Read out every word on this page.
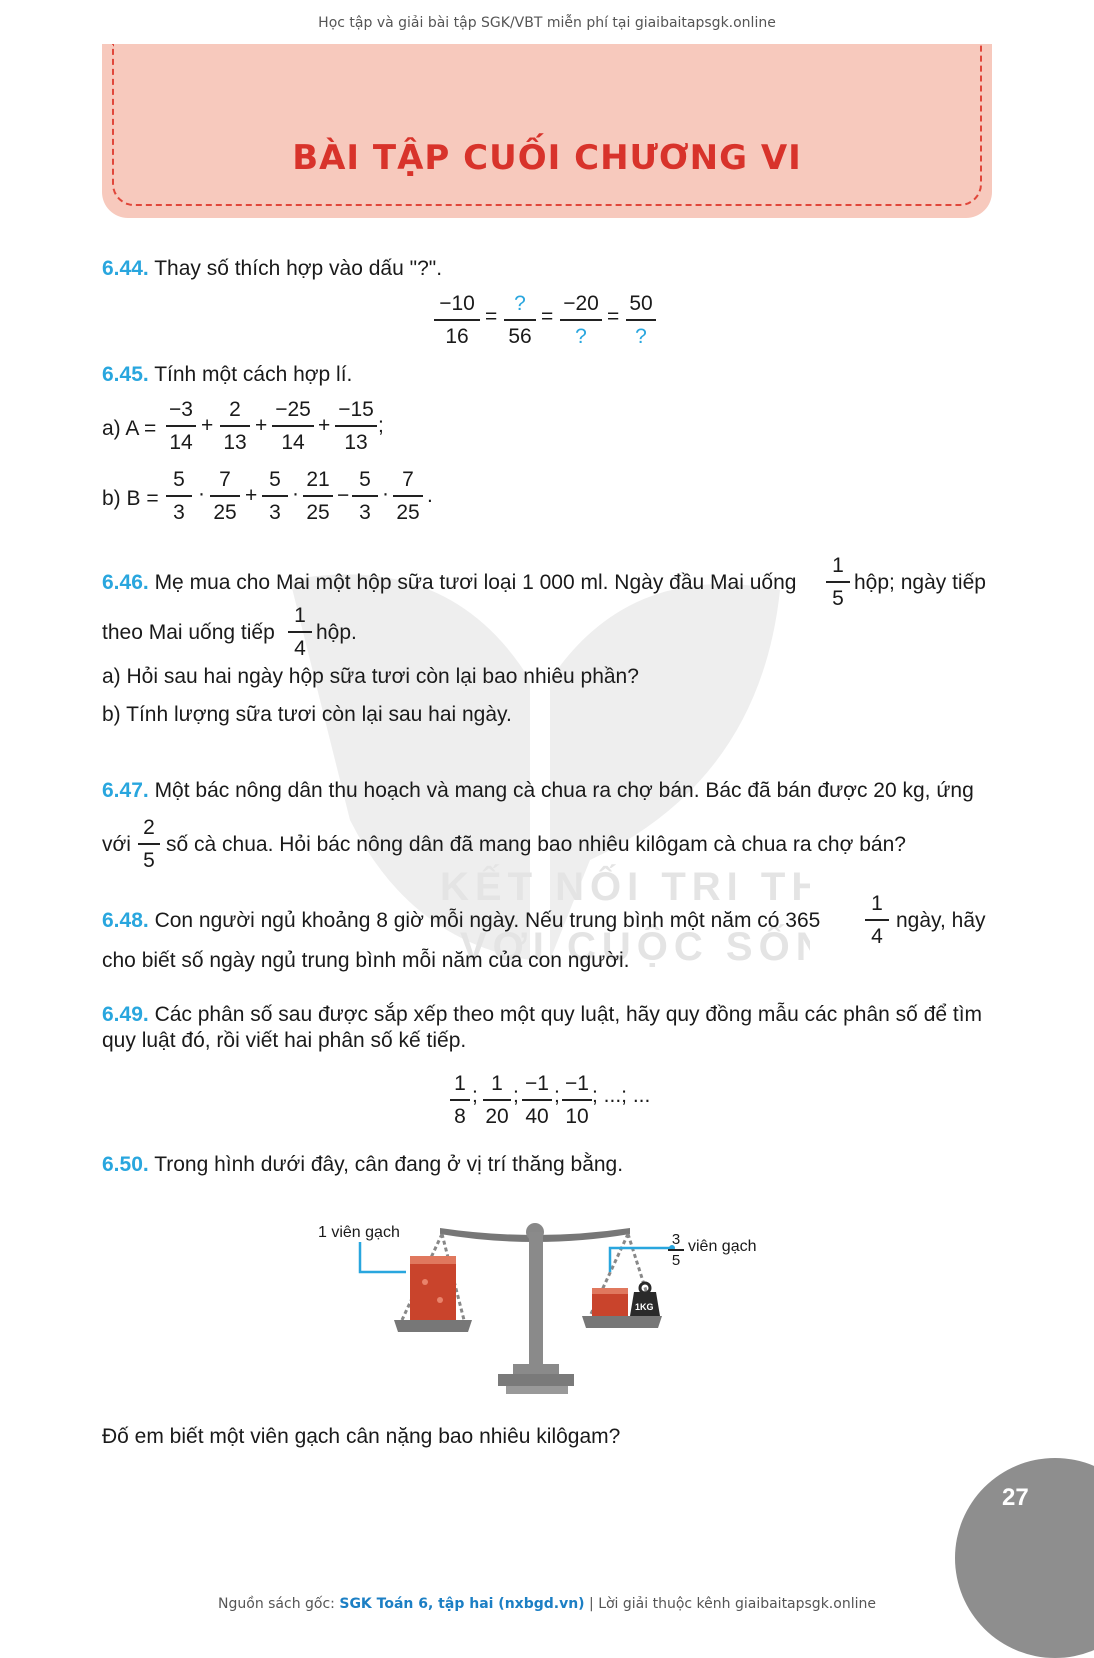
KẾT NỐI TRI T
VỚI CUỘC SỐ
Học tập và giải bài tập SGK/VBT miễn phí tại giaibaitapsgk.online
BÀI TẬP CUỐI CHƯƠNG VI
6.44. Thay số thích hợp vào dấu "?".
−10
16
=
?
56
=
−20
?
=
50
?
6.45. Tính một cách hợp lí.
a) A =
−3
14
+
2
13
+
−25
14
+
−15
13
;
b) B =
5
3
·
7
25
+
5
3
·
21
25
−
5
3
·
7
25
.
6.46. Mẹ mua cho Mai một hộp sữa tươi loại 1 000 ml. Ngày đầu Mai uống
1
5
hộp; ngày tiếp
theo Mai uống tiếp
1
4
hộp.
a) Hỏi sau hai ngày hộp sữa tươi còn lại bao nhiêu phần?
b) Tính lượng sữa tươi còn lại sau hai ngày.
6.47. Một bác nông dân thu hoạch và mang cà chua ra chợ bán. Bác đã bán được 20 kg, ứng
với
2
5
số cà chua. Hỏi bác nông dân đã mang bao nhiêu kilôgam cà chua ra chợ bán?
6.48. Con người ngủ khoảng 8 giờ mỗi ngày. Nếu trung bình một năm có 365
1
4
ngày, hãy
cho biết số ngày ngủ trung bình mỗi năm của con người.
6.49. Các phân số sau được sắp xếp theo một quy luật, hãy quy đồng mẫu các phân số để tìm
quy luật đó, rồi viết hai phân số kế tiếp.
1
8
;
1
20
;
−1
40
;
−1
10
; ...; ...
6.50. Trong hình dưới đây, cân đang ở vị trí thăng bằng.
1KG
1 viên gạch	3
5
viên gạch
Đố em biết một viên gạch cân nặng bao nhiêu kilôgam?
27
Nguồn sách gốc: SGK Toán 6, tập hai (nxbgd.vn) | Lời giải thuộc kênh giaibaitapsgk.online
